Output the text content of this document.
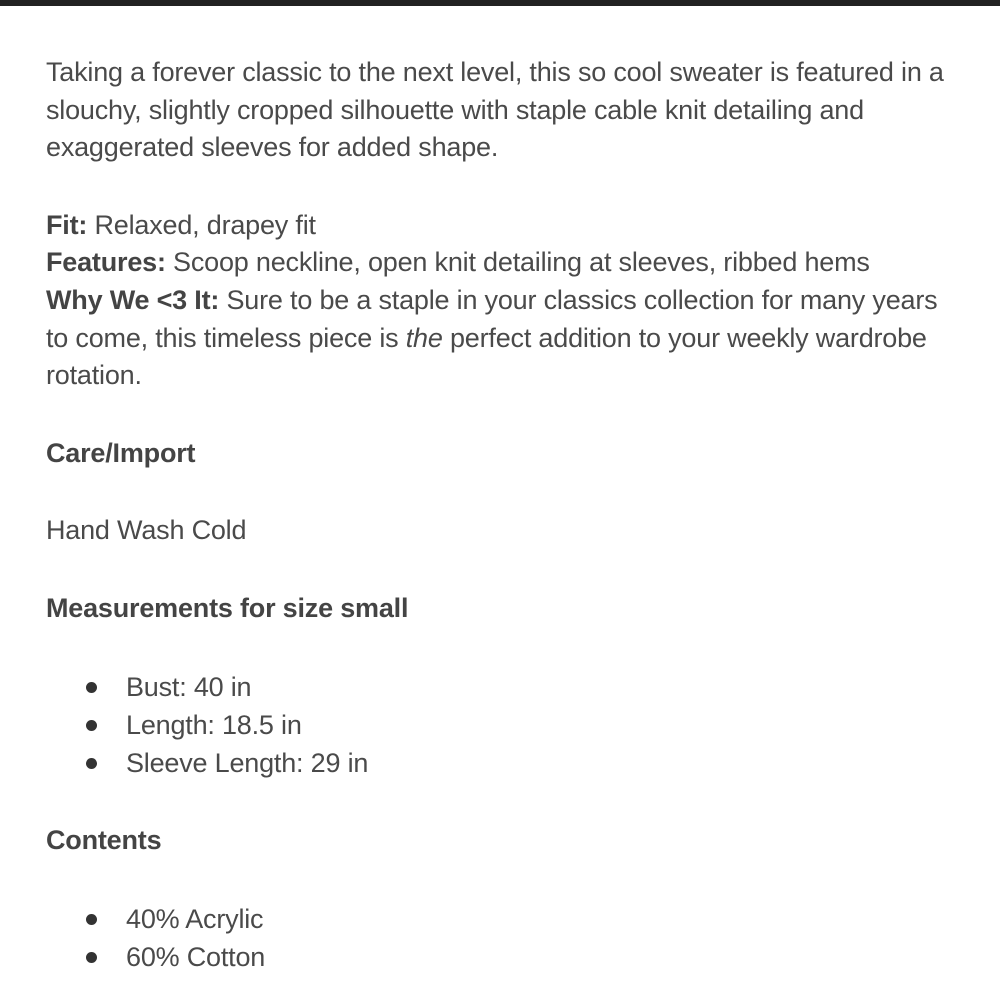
Taking a forever classic to the next level, this so cool sweater is featured in a slouchy, slightly cropped silhouette with staple cable knit detailing and exaggerated sleeves for added shape.

Fit: Relaxed, drapey fit
Features: Scoop neckline, open knit detailing at sleeves, ribbed hems
Why We <3 It: Sure to be a staple in your classics collection for many years to come, this timeless piece is the perfect addition to your weekly wardrobe rotation.

Care/Import

Hand Wash Cold

Measurements for size small
Bust: 40 in
Length: 18.5 in
Sleeve Length: 29 in
Contents
40% Acrylic
60% Cotton
